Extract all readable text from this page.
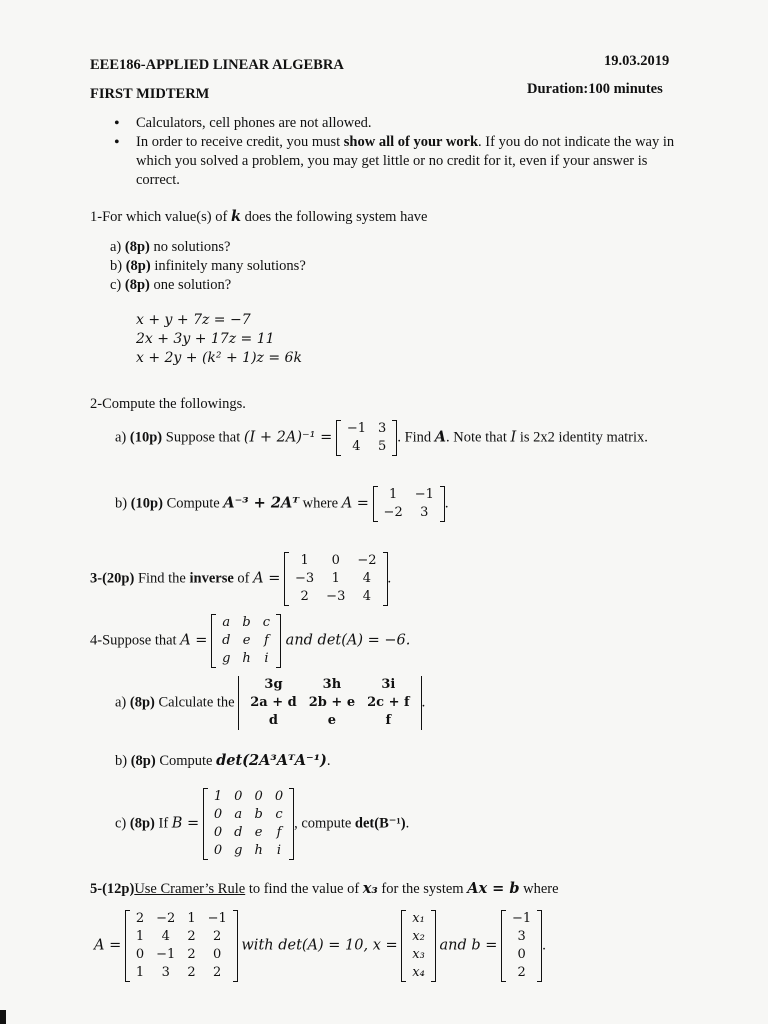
EEE186-APPLIED LINEAR ALGEBRA	19.03.2019
FIRST MIDTERM	Duration:100 minutes
• Calculators, cell phones are not allowed.
• In order to receive credit, you must show all of your work. If you do not indicate the way in which you solved a problem, you may get little or no credit for it, even if your answer is correct.
1-For which value(s) of k does the following system have
a) (8p) no solutions?
b) (8p) infinitely many solutions?
c) (8p) one solution?
x + y + 7z = −7
2x + 3y + 17z = 11
x + 2y + (k² + 1)z = 6k
2-Compute the followings.
a) (10p) Suppose that (I + 2A)⁻¹ =
−1	3
4	5
. Find A. Note that I is 2x2 identity matrix.
b) (10p) Compute A⁻³ + 2Aᵀ where A =
1	−1
−2	3
.
3-(20p) Find the inverse of A =
1	0	−2
−3	1	4
2	−3	4
.
4-Suppose that A =
a	b	c
d	e	f
g	h	i
and det(A) = −6.
a) (8p) Calculate the
3g	3h	3i
2a + d	2b + e	2c + f
d	e	f
.
b) (8p) Compute det(2A³AᵀA⁻¹).
c) (8p) If B =
1	0	0	0
0	a	b	c
0	d	e	f
0	g	h	i
, compute det(B⁻¹).
5-(12p)Use Cramer’s Rule to find the value of x₃ for the system Ax = b where
A =
2	−2	1	−1
1	4	2	2
0	−1	2	0
1	3	2	2
with det(A) = 10, x =
x₁
x₂
x₃
x₄
and b =
−1
3
0
2
.
